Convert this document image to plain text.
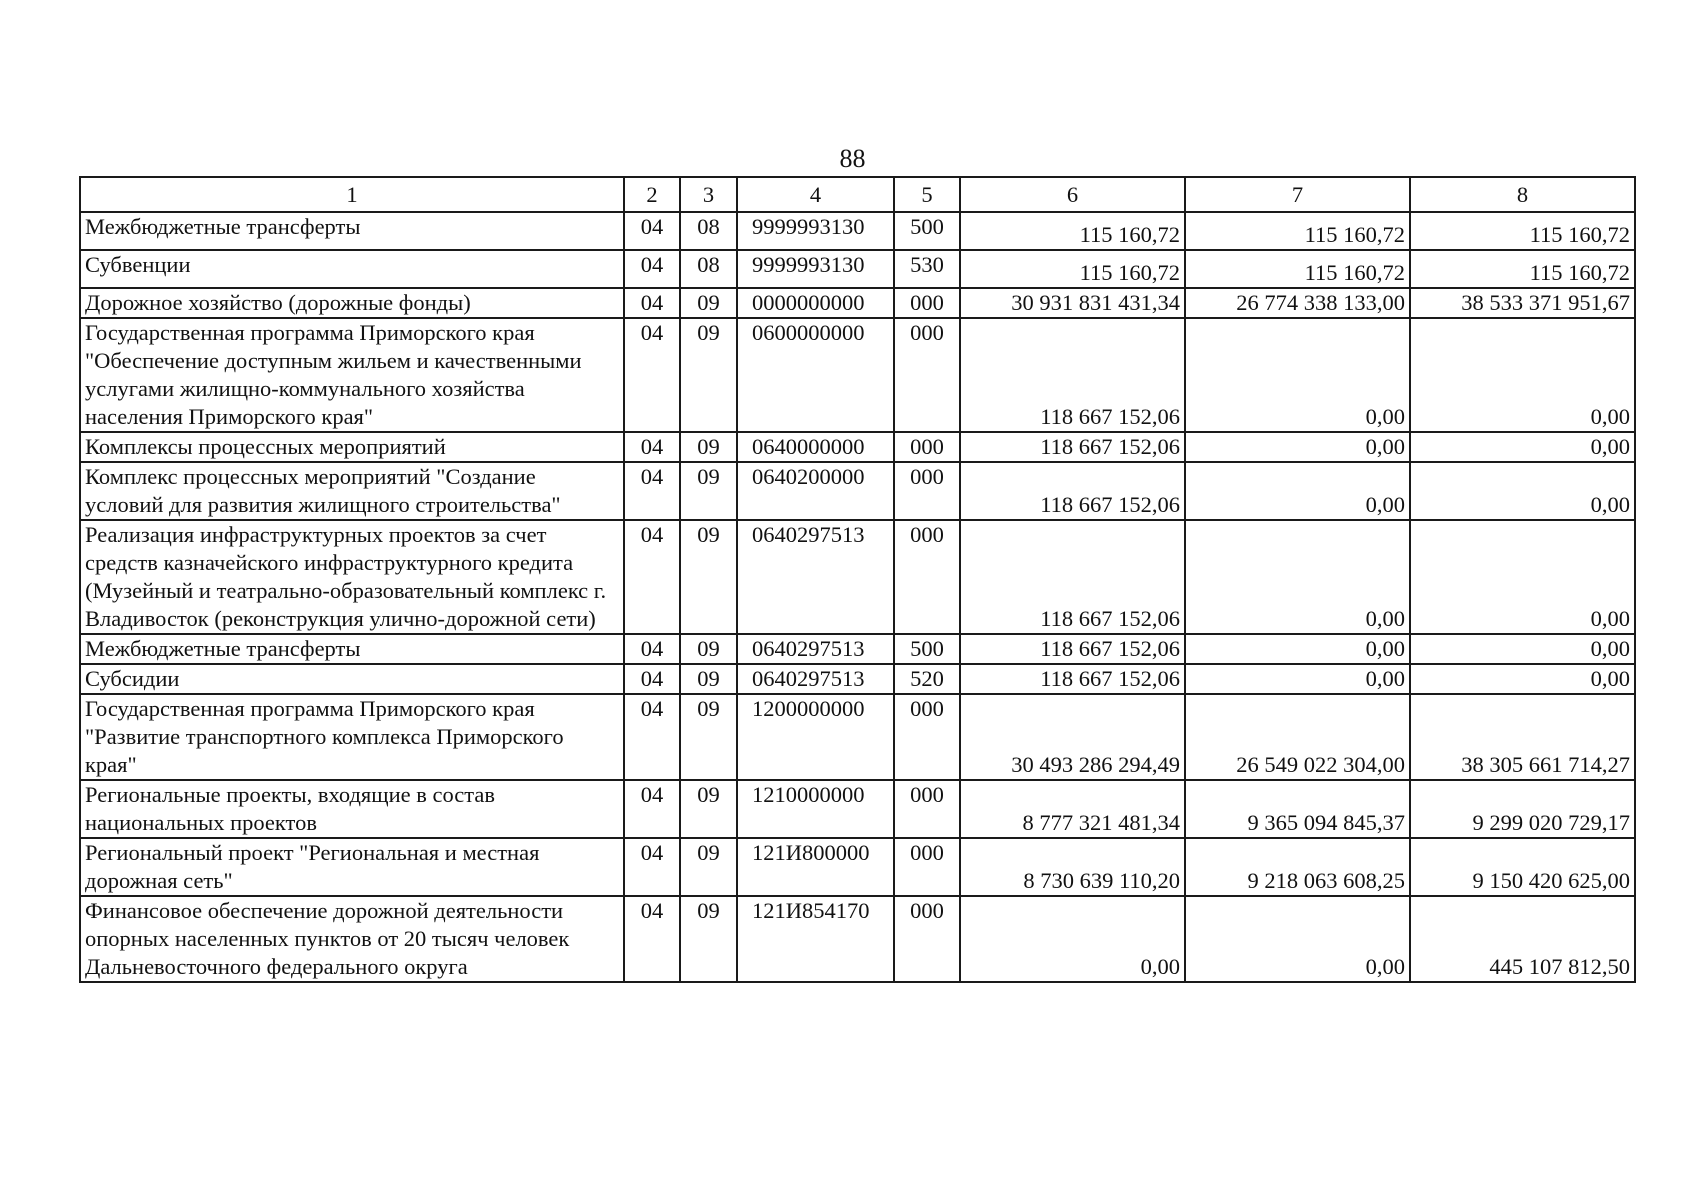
88
1	2	3	4	5	6	7	8
Межбюджетные трансферты	04	08	9999993130	500	115 160,72	115 160,72	115 160,72
Субвенции	04	08	9999993130	530	115 160,72	115 160,72	115 160,72
Дорожное хозяйство (дорожные фонды)	04	09	0000000000	000	30 931 831 431,34	26 774 338 133,00	38 533 371 951,67
Государственная программа Приморского края "Обеспечение доступным жильем и качественными услугами жилищно-коммунального хозяйства населения Приморского края"	04	09	0600000000	000	118 667 152,06	0,00	0,00
Комплексы процессных мероприятий	04	09	0640000000	000	118 667 152,06	0,00	0,00
Комплекс процессных мероприятий "Создание условий для развития жилищного строительства"	04	09	0640200000	000	118 667 152,06	0,00	0,00
Реализация инфраструктурных проектов за счет средств казначейского инфраструктурного кредита (Музейный и театрально-образовательный комплекс г. Владивосток (реконструкция улично-дорожной сети)	04	09	0640297513	000	118 667 152,06	0,00	0,00
Межбюджетные трансферты	04	09	0640297513	500	118 667 152,06	0,00	0,00
Субсидии	04	09	0640297513	520	118 667 152,06	0,00	0,00
Государственная программа Приморского края "Развитие транспортного комплекса Приморского края"	04	09	1200000000	000	30 493 286 294,49	26 549 022 304,00	38 305 661 714,27
Региональные проекты, входящие в состав национальных проектов	04	09	1210000000	000	8 777 321 481,34	9 365 094 845,37	9 299 020 729,17
Региональный проект "Региональная и местная дорожная сеть"	04	09	121И800000	000	8 730 639 110,20	9 218 063 608,25	9 150 420 625,00
Финансовое обеспечение дорожной деятельности опорных населенных пунктов от 20 тысяч человек Дальневосточного федерального округа	04	09	121И854170	000	0,00	0,00	445 107 812,50
